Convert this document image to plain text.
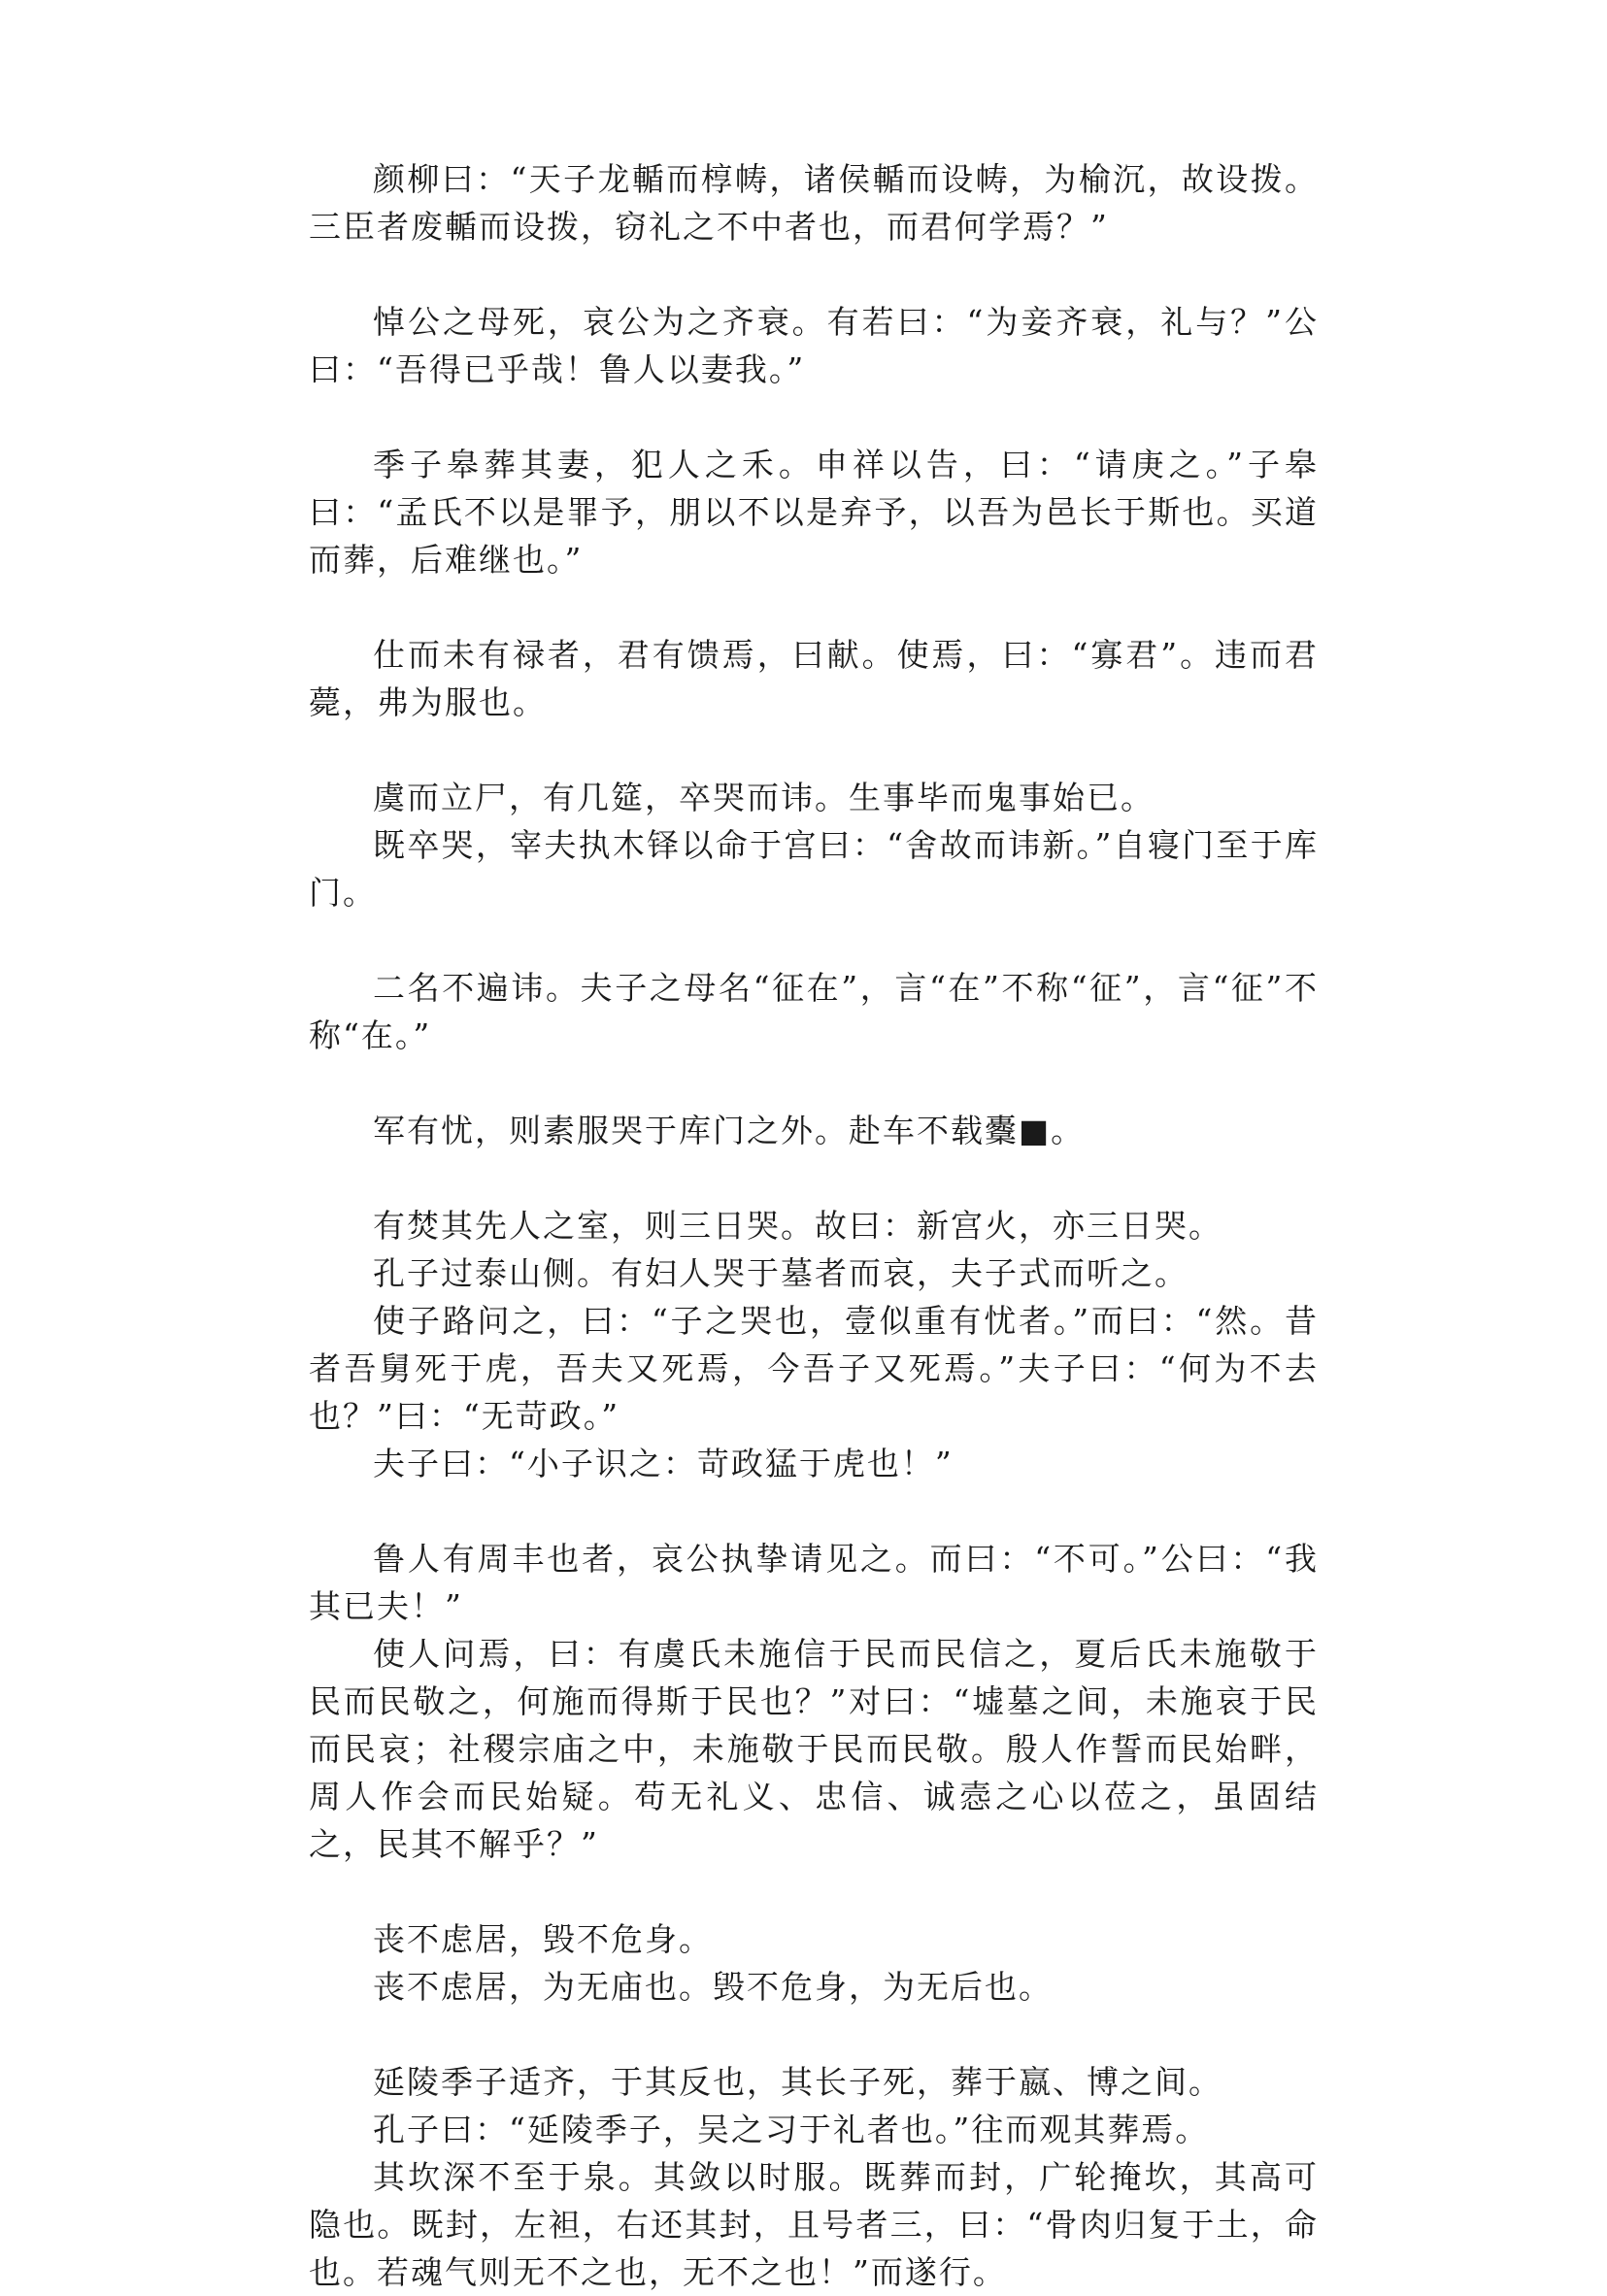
颜柳曰：“天子龙輴而椁帱，诸侯輴而设帱，为榆沉，故设拨。三臣者废輴而设拨，窃礼之不中者也，而君何学焉？”

悼公之母死，哀公为之齐衰。有若曰：“为妾齐衰，礼与？”公曰：“吾得已乎哉！鲁人以妻我。”

季子皋葬其妻，犯人之禾。申祥以告，曰：“请庚之。”子皋曰：“孟氏不以是罪予，朋以不以是弃予，以吾为邑长于斯也。买道而葬，后难继也。”

仕而未有禄者，君有馈焉，曰献。使焉，曰：“寡君”。违而君薨，弗为服也。

虞而立尸，有几筵，卒哭而讳。生事毕而鬼事始已。

既卒哭，宰夫执木铎以命于宫曰：“舍故而讳新。”自寝门至于库门。

二名不遍讳。夫子之母名“征在”，言“在”不称“征”，言“征”不称“在。”

军有忧，则素服哭于库门之外。赴车不载櫜■。

有焚其先人之室，则三日哭。故曰：新宫火，亦三日哭。

孔子过泰山侧。有妇人哭于墓者而哀，夫子式而听之。

使子路问之，曰：“子之哭也，壹似重有忧者。”而曰：“然。昔者吾舅死于虎，吾夫又死焉，今吾子又死焉。”夫子曰：“何为不去也？”曰：“无苛政。”

夫子曰：“小子识之：苛政猛于虎也！”

鲁人有周丰也者，哀公执挚请见之。而曰：“不可。”公曰：“我其已夫！”

使人问焉，曰：有虞氏未施信于民而民信之，夏后氏未施敬于民而民敬之，何施而得斯于民也？”对曰：“墟墓之间，未施哀于民而民哀；社稷宗庙之中，未施敬于民而民敬。殷人作誓而民始畔，周人作会而民始疑。苟无礼义、忠信、诚悫之心以莅之，虽固结之，民其不解乎？”

丧不虑居，毁不危身。

丧不虑居，为无庙也。毁不危身，为无后也。

延陵季子适齐，于其反也，其长子死，葬于嬴、博之间。

孔子曰：“延陵季子，吴之习于礼者也。”往而观其葬焉。

其坎深不至于泉。其敛以时服。既葬而封，广轮掩坎，其高可隐也。既封，左袒，右还其封，且号者三，曰：“骨肉归复于土，命也。若魂气则无不之也，无不之也！”而遂行。
